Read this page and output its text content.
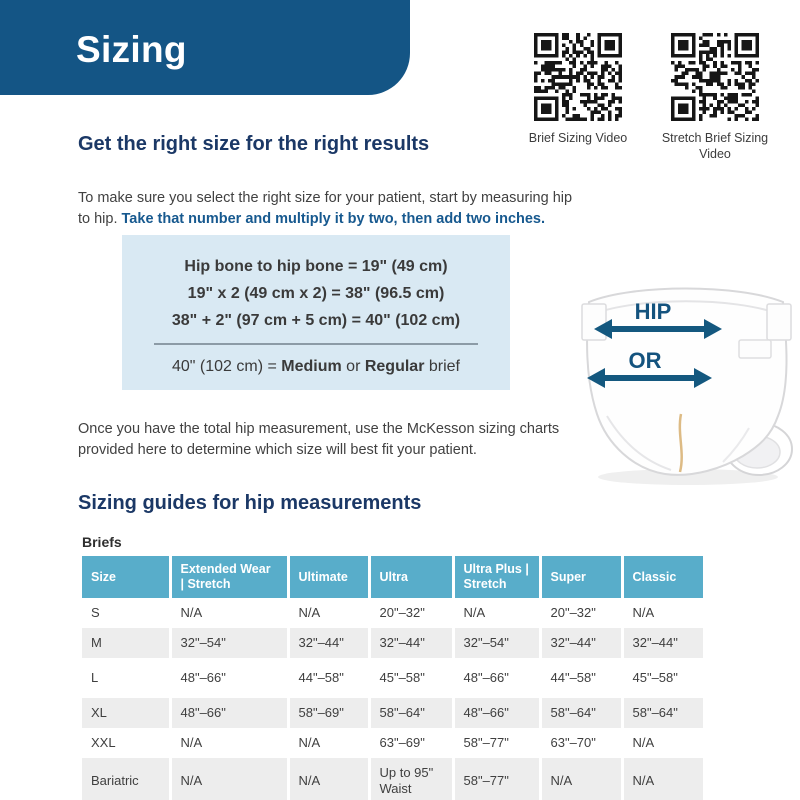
Sizing
Brief Sizing Video	Stretch Brief Sizing Video
Get the right size for the right results

To make sure you select the right size for your patient, start by measuring hip to hip. Take that number and multiply it by two, then add two inches.

Hip bone to hip bone = 19" (49 cm)
19" x 2 (49 cm x 2) = 38" (96.5 cm)
38" + 2" (97 cm + 5 cm) = 40" (102 cm)
40" (102 cm) = Medium or Regular brief
HIP
OR

Once you have the total hip measurement, use the McKesson sizing charts provided here to determine which size will best fit your patient.

Sizing guides for hip measurements

Briefs

Size	Extended Wear | Stretch	Ultimate	Ultra	Ultra Plus | Stretch	Super	Classic
S	N/A	N/A	20"–32"	N/A	20"–32"	N/A
M	32"–54"	32"–44"	32"–44"	32"–54"	32"–44"	32"–44"
L	48"–66"	44"–58"	45"–58"	48"–66"	44"–58"	45"–58"
XL	48"–66"	58"–69"	58"–64"	48"–66"	58"–64"	58"–64"
XXL	N/A	N/A	63"–69"	58"–77"	63"–70"	N/A
Bariatric	N/A	N/A	Up to 95" Waist	58"–77"	N/A	N/A
